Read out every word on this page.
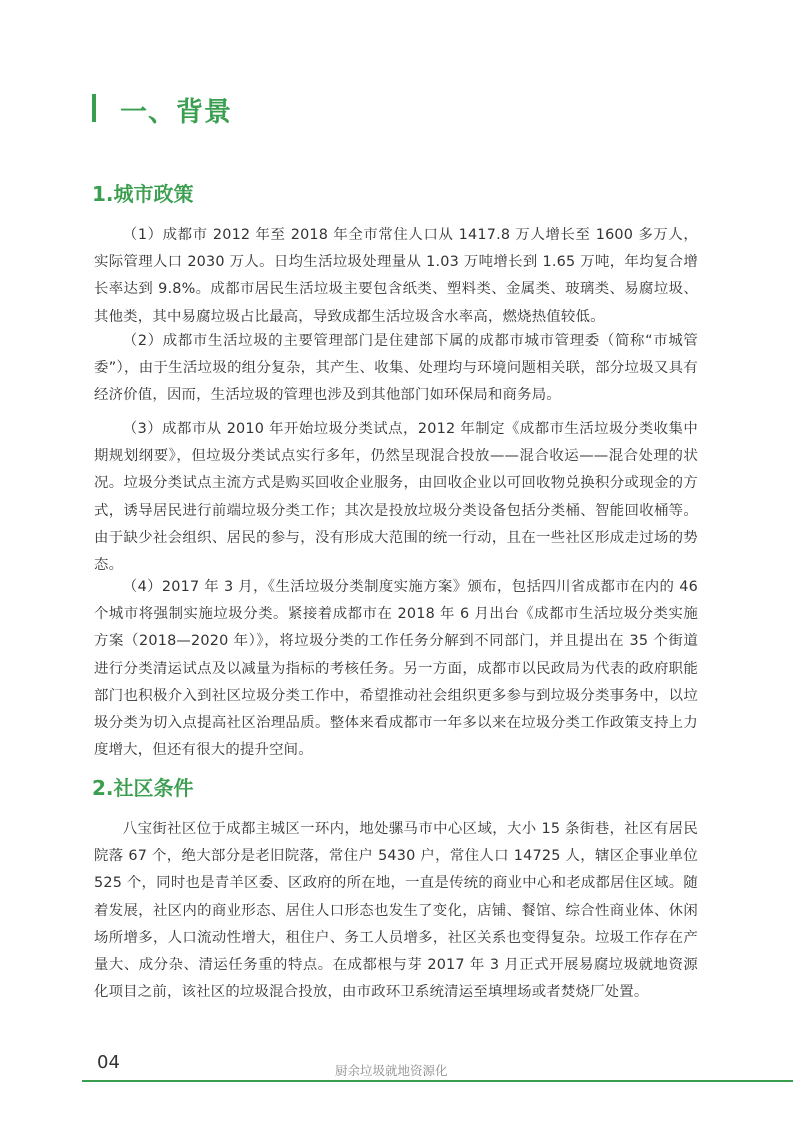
一、背景
1.城市政策

（1）成都市 2012 年至 2018 年全市常住人口从 1417.8 万人增长至 1600 多万人，实际管理人口 2030 万人。日均生活垃圾处理量从 1.03 万吨增长到 1.65 万吨，年均复合增长率达到 9.8%。成都市居民生活垃圾主要包含纸类、塑料类、金属类、玻璃类、易腐垃圾、其他类，其中易腐垃圾占比最高，导致成都生活垃圾含水率高，燃烧热值较低。

（2）成都市生活垃圾的主要管理部门是住建部下属的成都市城市管理委（简称“市城管委”），由于生活垃圾的组分复杂，其产生、收集、处理均与环境问题相关联，部分垃圾又具有经济价值，因而，生活垃圾的管理也涉及到其他部门如环保局和商务局。

（3）成都市从 2010 年开始垃圾分类试点，2012 年制定《成都市生活垃圾分类收集中期规划纲要》，但垃圾分类试点实行多年，仍然呈现混合投放——混合收运——混合处理的状况。垃圾分类试点主流方式是购买回收企业服务，由回收企业以可回收物兑换积分或现金的方式，诱导居民进行前端垃圾分类工作；其次是投放垃圾分类设备包括分类桶、智能回收桶等。由于缺少社会组织、居民的参与，没有形成大范围的统一行动，且在一些社区形成走过场的势态。

（4）2017 年 3 月，《生活垃圾分类制度实施方案》颁布，包括四川省成都市在内的 46 个城市将强制实施垃圾分类。紧接着成都市在 2018 年 6 月出台《成都市生活垃圾分类实施方案（2018—2020 年）》，将垃圾分类的工作任务分解到不同部门，并且提出在 35 个街道进行分类清运试点及以减量为指标的考核任务。另一方面，成都市以民政局为代表的政府职能部门也积极介入到社区垃圾分类工作中，希望推动社会组织更多参与到垃圾分类事务中，以垃圾分类为切入点提高社区治理品质。整体来看成都市一年多以来在垃圾分类工作政策支持上力度增大，但还有很大的提升空间。

2.社区条件

八宝街社区位于成都主城区一环内，地处骡马市中心区域，大小 15 条街巷，社区有居民院落 67 个，绝大部分是老旧院落，常住户 5430 户，常住人口 14725 人，辖区企事业单位 525 个，同时也是青羊区委、区政府的所在地，一直是传统的商业中心和老成都居住区域。随着发展，社区内的商业形态、居住人口形态也发生了变化，店铺、餐馆、综合性商业体、休闲场所增多，人口流动性增大，租住户、务工人员增多，社区关系也变得复杂。垃圾工作存在产量大、成分杂、清运任务重的特点。在成都根与芽 2017 年 3 月正式开展易腐垃圾就地资源化项目之前，该社区的垃圾混合投放，由市政环卫系统清运至填埋场或者焚烧厂处置。

04	厨余垃圾就地资源化
